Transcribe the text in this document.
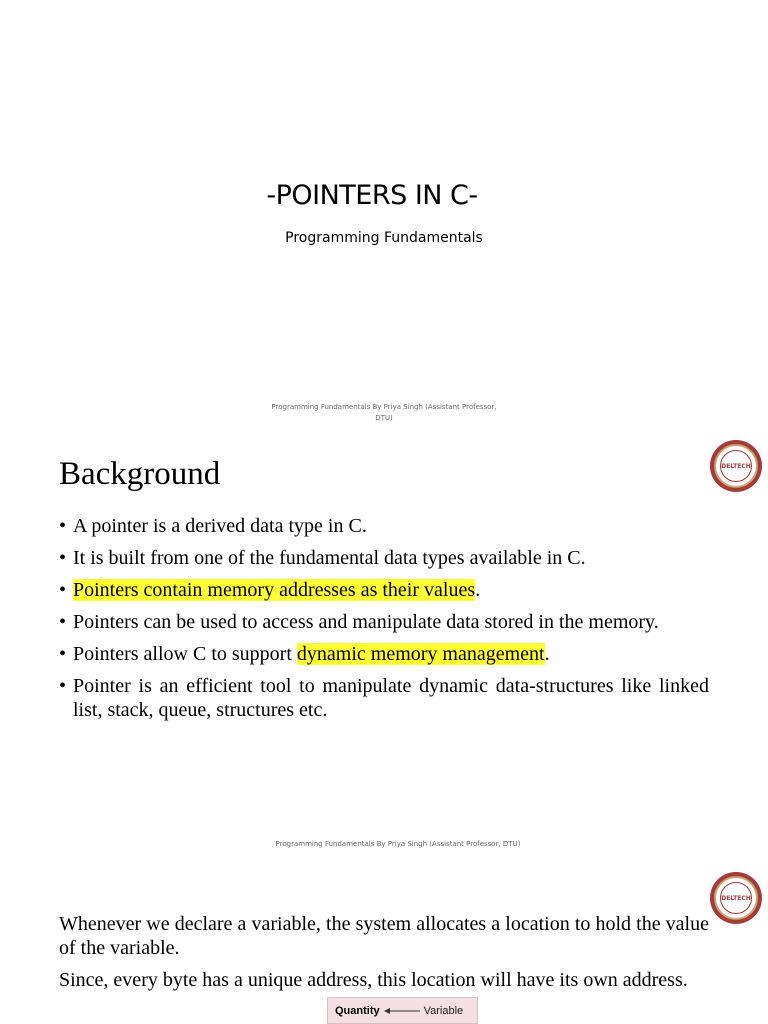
-POINTERS IN C-
Programming Fundamentals
Programming Fundamentals By Priya Singh (Assistant Professor,
DTU)
DELTECH
Background
• A pointer is a derived data type in C.
• It is built from one of the fundamental data types available in C.
• Pointers contain memory addresses as their values.
• Pointers can be used to access and manipulate data stored in the memory.
• Pointers allow C to support dynamic memory management.
• Pointer is an efficient tool to manipulate dynamic data-structures like linked list, stack, queue, structures etc.
Programming Fundamentals By Priya Singh (Assistant Professor, DTU)
DELTECH
Whenever we declare a variable, the system allocates a location to hold the value of the variable.
Since, every byte has a unique address, this location will have its own address.
Quantity	Variable
